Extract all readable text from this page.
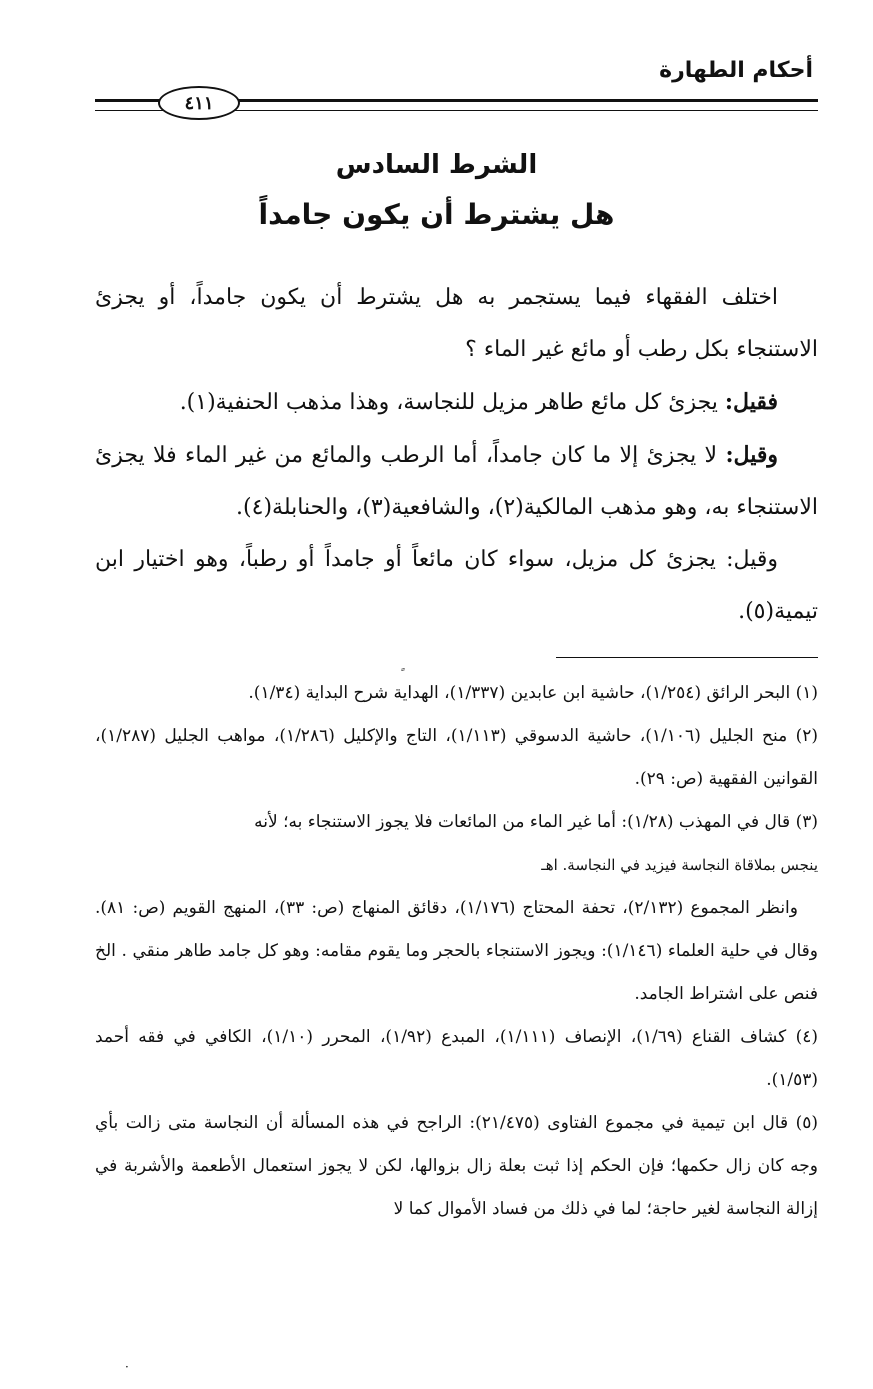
أحكام الطهارة
٤١١
الشرط السادس
هل يشترط أن يكون جامداً

اختلف الفقهاء فيما يستجمر به هل يشترط أن يكون جامداً، أو يجزئ الاستنجاء بكل رطب أو مائع غير الماء ؟

فقيل: يجزئ كل مائع طاهر مزيل للنجاسة، وهذا مذهب الحنفية(١).

وقيل: لا يجزئ إلا ما كان جامداً، أما الرطب والمائع من غير الماء فلا يجزئ الاستنجاء به، وهو مذهب المالكية(٢)، والشافعية(٣)، والحنابلة(٤).

وقيل: يجزئ كل مزيل، سواء كان مائعاً أو جامداً أو رطباً، وهو اختيار ابن تيمية(٥).

(١) البحر الرائق (١/٢٥٤)، حاشية ابن عابدين (١/٣٣٧)، الهداية شرح البداية (١/٣٤).

(٢) منح الجليل (١/١٠٦)، حاشية الدسوقي (١/١١٣)، التاج والإكليل (١/٢٨٦)، مواهب الجليل (١/٢٨٧)، القوانين الفقهية (ص: ٢٩).

(٣) قال في المهذب (١/٢٨): أما غير الماء من المائعات فلا يجوز الاستنجاء به؛ لأنه

ينجس بملاقاة النجاسة فيزيد في النجاسة. اهـ

وانظر المجموع (٢/١٣٢)، تحفة المحتاج (١/١٧٦)، دقائق المنهاج (ص: ٣٣)، المنهج القويم (ص: ٨١). وقال في حلية العلماء (١/١٤٦): ويجوز الاستنجاء بالحجر وما يقوم مقامه: وهو كل جامد طاهر منقي . الخ فنص على اشتراط الجامد.

(٤) كشاف القناع (١/٦٩)، الإنصاف (١/١١١)، المبدع (١/٩٢)، المحرر (١/١٠)، الكافي في فقه أحمد (١/٥٣).

(٥) قال ابن تيمية في مجموع الفتاوى (٢١/٤٧٥): الراجح في هذه المسألة أن النجاسة متى زالت بأي وجه كان زال حكمها؛ فإن الحكم إذا ثبت بعلة زال بزوالها، لكن لا يجوز استعمال الأطعمة والأشربة في إزالة النجاسة لغير حاجة؛ لما في ذلك من فساد الأموال كما لا

·
